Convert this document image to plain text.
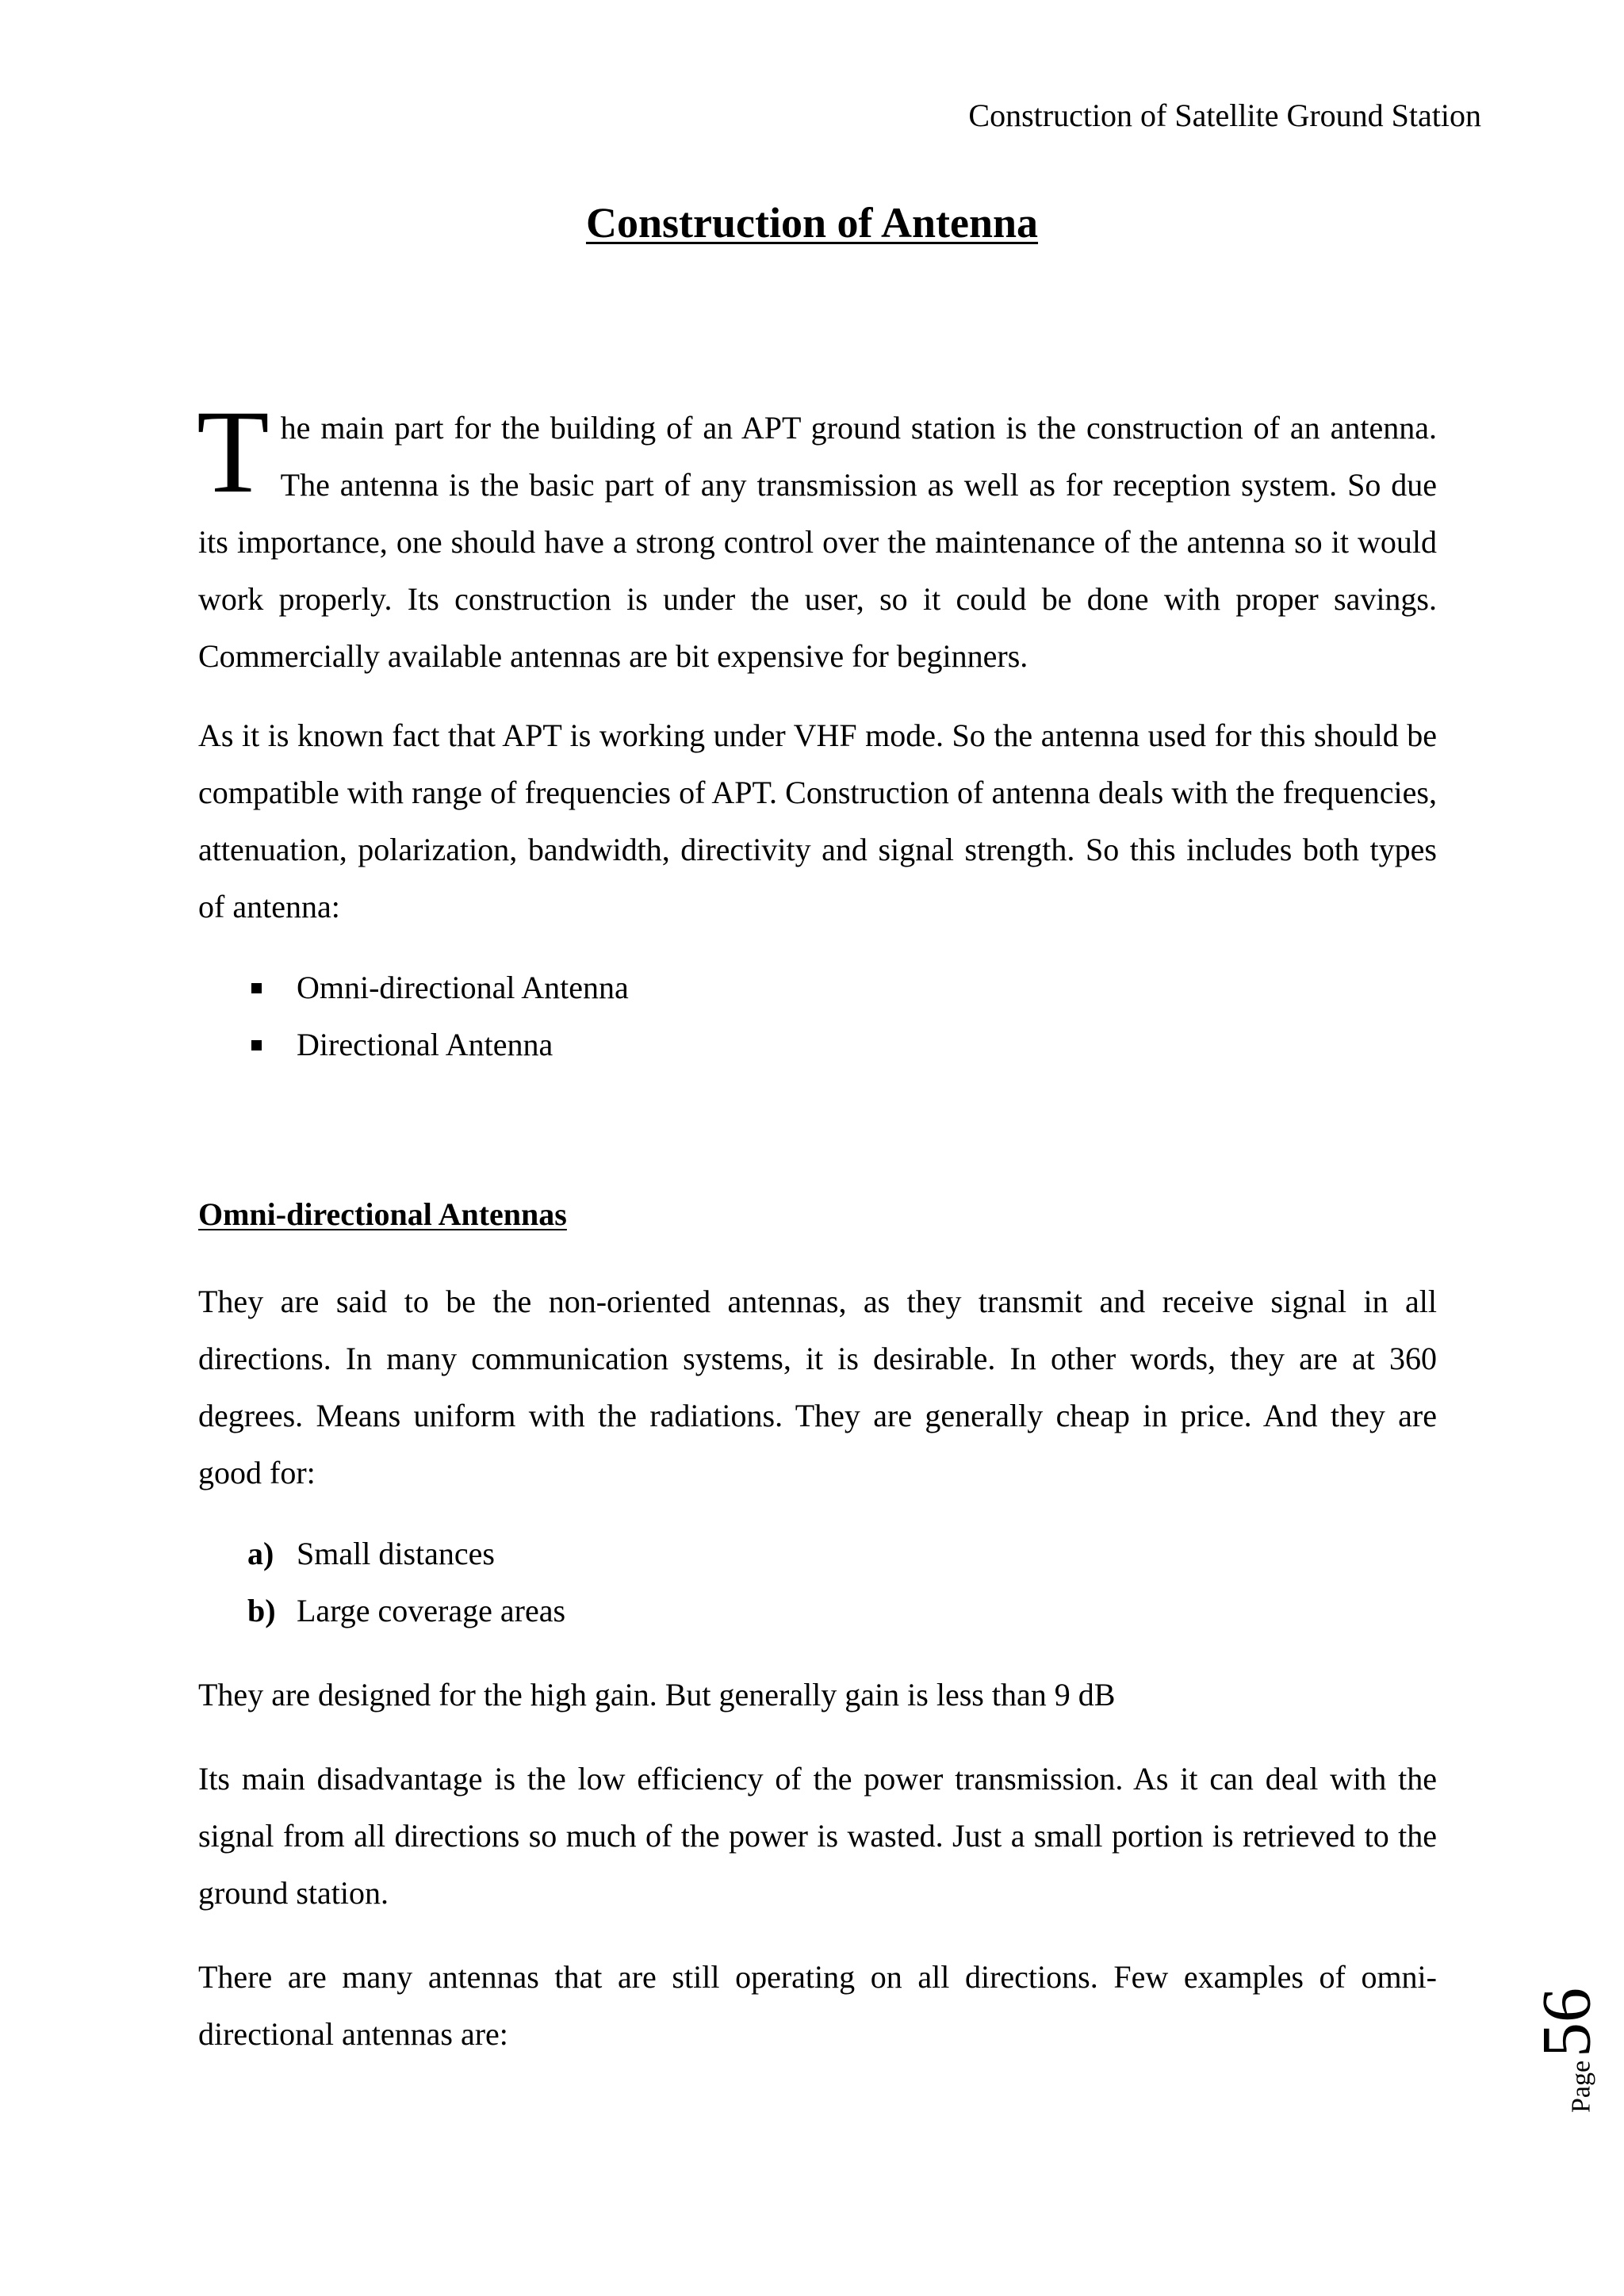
Construction of Satellite Ground Station
Construction of Antenna

The main part for the building of an APT ground station is the construction of an antenna. The antenna is the basic part of any transmission as well as for reception system. So due its importance, one should have a strong control over the maintenance of the antenna so it would work properly. Its construction is under the user, so it could be done with proper savings. Commercially available antennas are bit expensive for beginners.

As it is known fact that APT is working under VHF mode. So the antenna used for this should be compatible with range of frequencies of APT. Construction of antenna deals with the frequencies, attenuation, polarization, bandwidth, directivity and signal strength. So this includes both types of antenna:

Omni-directional Antenna
Directional Antenna
Omni-directional Antennas

They are said to be the non-oriented antennas, as they transmit and receive signal in all directions. In many communication systems, it is desirable. In other words, they are at 360 degrees. Means uniform with the radiations. They are generally cheap in price. And they are good for:

a) Small distances
b) Large coverage areas

They are designed for the high gain. But generally gain is less than 9 dB

Its main disadvantage is the low efficiency of the power transmission. As it can deal with the signal from all directions so much of the power is wasted. Just a small portion is retrieved to the ground station.

There are many antennas that are still operating on all directions. Few examples of omni-directional antennas are:

Page56
